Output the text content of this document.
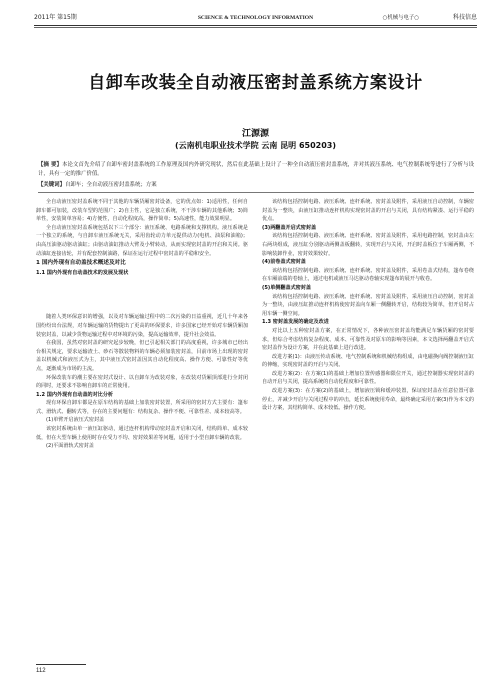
2011年 第15期	SCIENCE & TECHNOLOGY INFORMATION	○机械与电子○	科技信息
自卸车改装全自动液压密封盖系统方案设计
江源源
(云南机电职业技术学院 云南 昆明 650203)
【摘 要】本论文首先介绍了自卸车密封盖系统的工作原理及国内外研究现状，然后在此基础上设计了一种全自动液压密封盖系统，并对其液压系统、电气控制系统等进行了分析与设计，具有一定的推广价值。
【关键词】自卸车；全自动液压密封盖系统；方案

全自动液压密封盖系统不同于其他的车辆货厢密封设备，它的优点如：1)适用性，任何自卸车都可加装，改装车型的范围广；2)自主性，它是独立系统，不干涉车辆的其他系统；3)简单性，安装简单容易；4)方便性，自动化程度高，操作简单；5)高速性，能力效果明显。

全自动液压密封盖系统包括以下三个部分：液压系统、电路系统和支撑机构。液压系统是一个独立的系统，与自卸车液压系统无关，采用齿轮动力单元提供动力(电机、油泵和油箱)；由高压油驱动驱动油缸；由驱动油缸推动大臂及小臂转动，从而实现密封盖的开启和关闭。驱动油缸连接齿轮，并有配套控制油路，保证在运行过程中密封盖的平稳和安全。

1 国内外现有自动盖技术概述及对比

1.1 国内外现有自动盖技术的发展及现状

随着人类环保意识的增强，以及对车辆运输过程中的二次污染的日益重视，近几十年来各国纷纷出台法规，对车辆运输的货物提出了更高的环保要求，许多国家已经开始对车辆货厢加装密封盖，以减少货物运输过程中对环境的污染，提高运输效率，提升社会效益。

在我国，虽然对密封盖的研究起步较晚，但已引起相关部门的高度重视，许多城市已经出台相关规定，要求运输渣土、砂石等散装物料的车辆必须加装密封盖，目前市场上出现的密封盖以机械式和液压式为主，其中液压式密封盖因其自动化程度高、操作方便、可靠性好等优点，逐渐成为市场的主流。

环保改装车的潮主要在密封式设计、以自卸车为改装对象，在改装对货厢顶部进行全封闭的同时，还要求不影响自卸车的正常使用。

1.2 国内外现有自动盖的对比分析

现有环保自卸车都是在原车结构的基础上加装密封装置，所采用的密封方式主要有：篷布式、滑轨式、翻转式等，存在的主要问题有：结构复杂、操作不便、可靠性差、成本较高等。

(1)单臂开启液压式密封盖

该密封系统由单一液压缸驱动，通过连杆机构带动密封盖开启和关闭，结构简单、成本较低，但在大型车辆上使用时存在受力不均、密封效果差等问题，适用于小型自卸车辆的改装。

(2)平面滑轨式密封盖

该结构包括控制电路、液压系统、连杆系统、密封盖及附件，采用液压自动控制，车辆密封盖为一整块，由液压缸推动连杆机构实现密封盖的开启与关闭，具有结构紧凑、运行平稳的优点。

(3)两翻盖开启式密封盖

该结构包括控制电路、液压系统、连杆系统、密封盖及附件，采用电路控制，密封盖由左右两块组成，液压缸分别驱动两侧盖板翻转，实现开启与关闭，开启时盖板位于车厢两侧，不影响装卸作业，密封效果较好。

(4)前卷盖式密封盖

该结构包括控制电路、液压系统、连杆系统、密封盖及附件，采用卷盖式结构，篷布卷绕在车厢前端的卷轴上，通过电机或液压马达驱动卷轴实现篷布的展开与收卷。

(5)单侧翻盖式密封盖

该结构包括控制电路、液压系统、连杆系统、密封盖及附件，采用液压自动控制，密封盖为一整块，由液压缸推动连杆机构使密封盖向车厢一侧翻转开启，结构较为简单，但开启时占用车辆一侧空间。

1.3 密封盖发展的确定及改进

对比以上五种密封盖方案，在正常情况下，各种液压密封盖均能满足车辆货厢的密封要求，但综合考虑结构复杂程度、成本、可靠性及对原车的影响等因素，本文选择两翻盖开启式密封盖作为设计方案，并在此基础上进行改进。

改进方案(1)：由液压传动系统、电气控制系统和机械结构组成，由电磁换向阀控制液压缸的伸缩，实现密封盖的开启与关闭。

改进方案(2)：在方案(1)的基础上增加位置传感器和限位开关，通过控制器实现密封盖的自动开启与关闭，提高系统的自动化程度和可靠性。

改进方案(3)：在方案(2)的基础上，增加液压锁和缓冲装置，保证密封盖在任意位置可靠停止，并减少开启与关闭过程中的冲击，延长系统使用寿命，最终确定采用方案(3)作为本文的设计方案，其结构简单、成本较低、操作方便。

112
